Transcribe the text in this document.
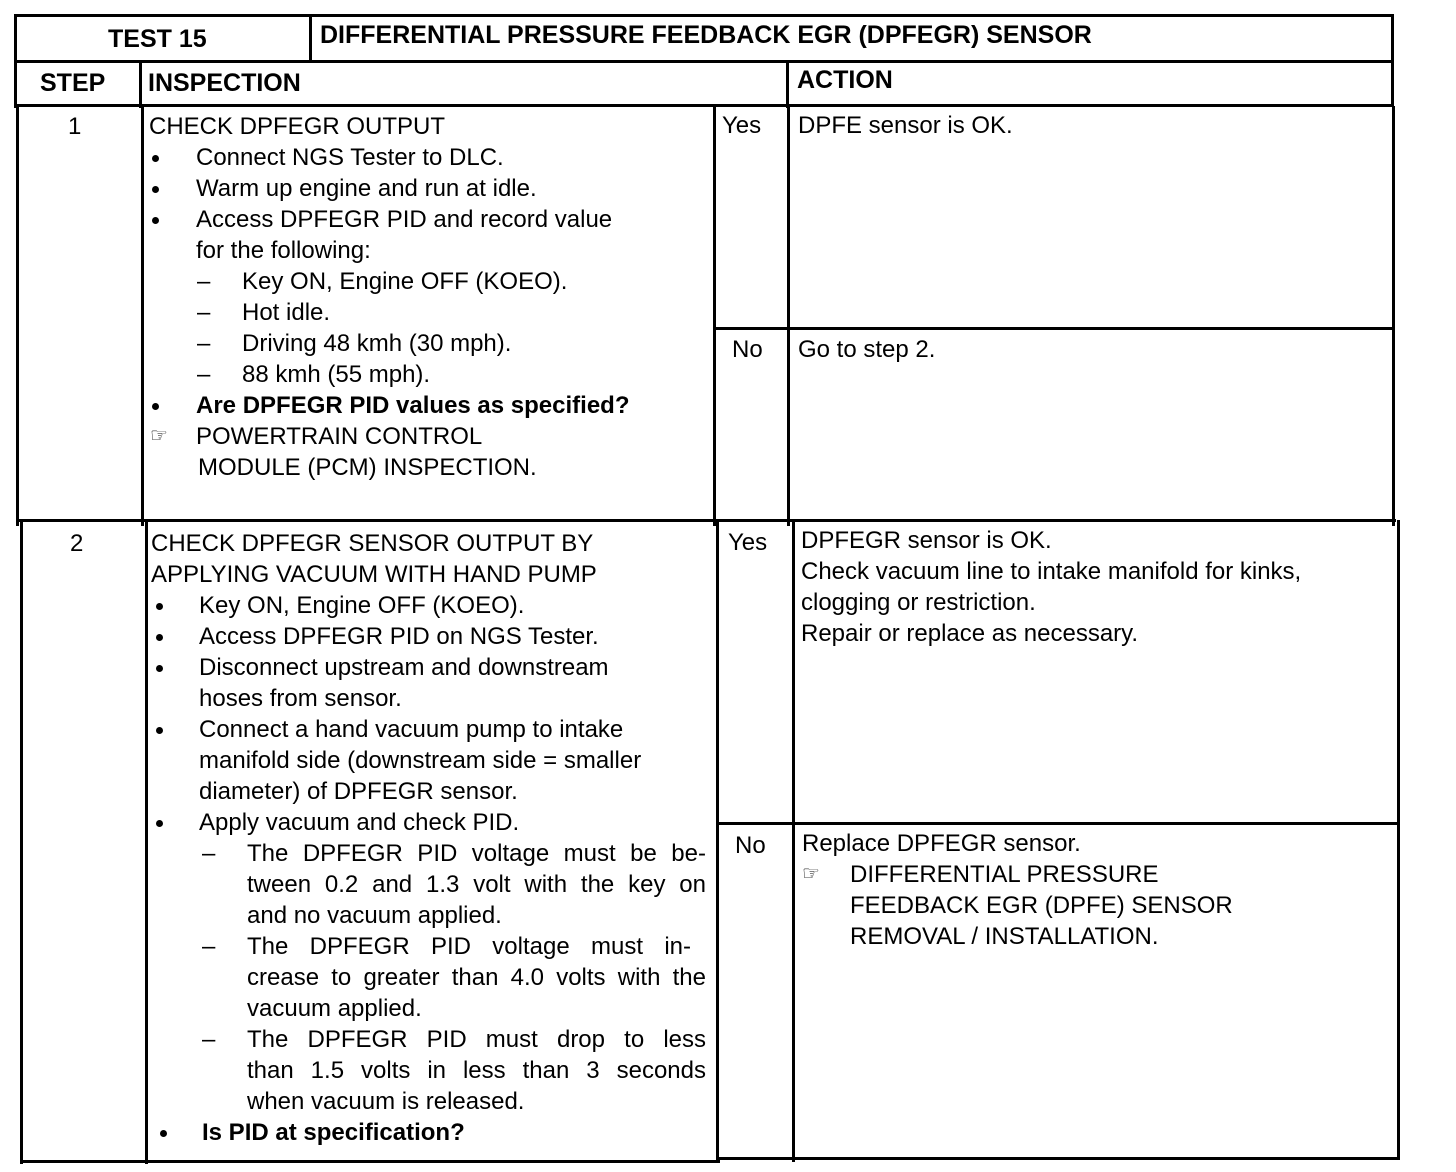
TEST 15	DIFFERENTIAL PRESSURE FEEDBACK EGR (DPFEGR) SENSOR
STEP INSPECTION	ACTION
1	CHECK DPFEGR OUTPUT
Connect NGS Tester to DLC.
Warm up engine and run at idle.
Access DPFEGR PID and record value
for the following:
– Key ON, Engine OFF (KOEO).
– Hot idle.
– Driving 48 kmh (30 mph).
– 88 kmh (55 mph).
Are DPFEGR PID values as specified?
☞ POWERTRAIN CONTROL
MODULE (PCM) INSPECTION.
Yes DPFE sensor is OK.
No Go to step 2.
2	CHECK DPFEGR SENSOR OUTPUT BY
APPLYING VACUUM WITH HAND PUMP
Key ON, Engine OFF (KOEO).
Access DPFEGR PID on NGS Tester.
Disconnect upstream and downstream
hoses from sensor.
Connect a hand vacuum pump to intake
manifold side (downstream side = smaller
diameter) of DPFEGR sensor.
Apply vacuum and check PID.
– The DPFEGR PID voltage must be be-
tween 0.2 and 1.3 volt with the key on
and no vacuum applied.
– The DPFEGR PID voltage must in-
crease to greater than 4.0 volts with the
vacuum applied.
– The DPFEGR PID must drop to less
than 1.5 volts in less than 3 seconds
when vacuum is released.
Is PID at specification?
Yes DPFEGR sensor is OK.
Check vacuum line to intake manifold for kinks,
clogging or restriction.
Repair or replace as necessary.
No Replace DPFEGR sensor.
☞ DIFFERENTIAL PRESSURE
FEEDBACK EGR (DPFE) SENSOR
REMOVAL / INSTALLATION.
